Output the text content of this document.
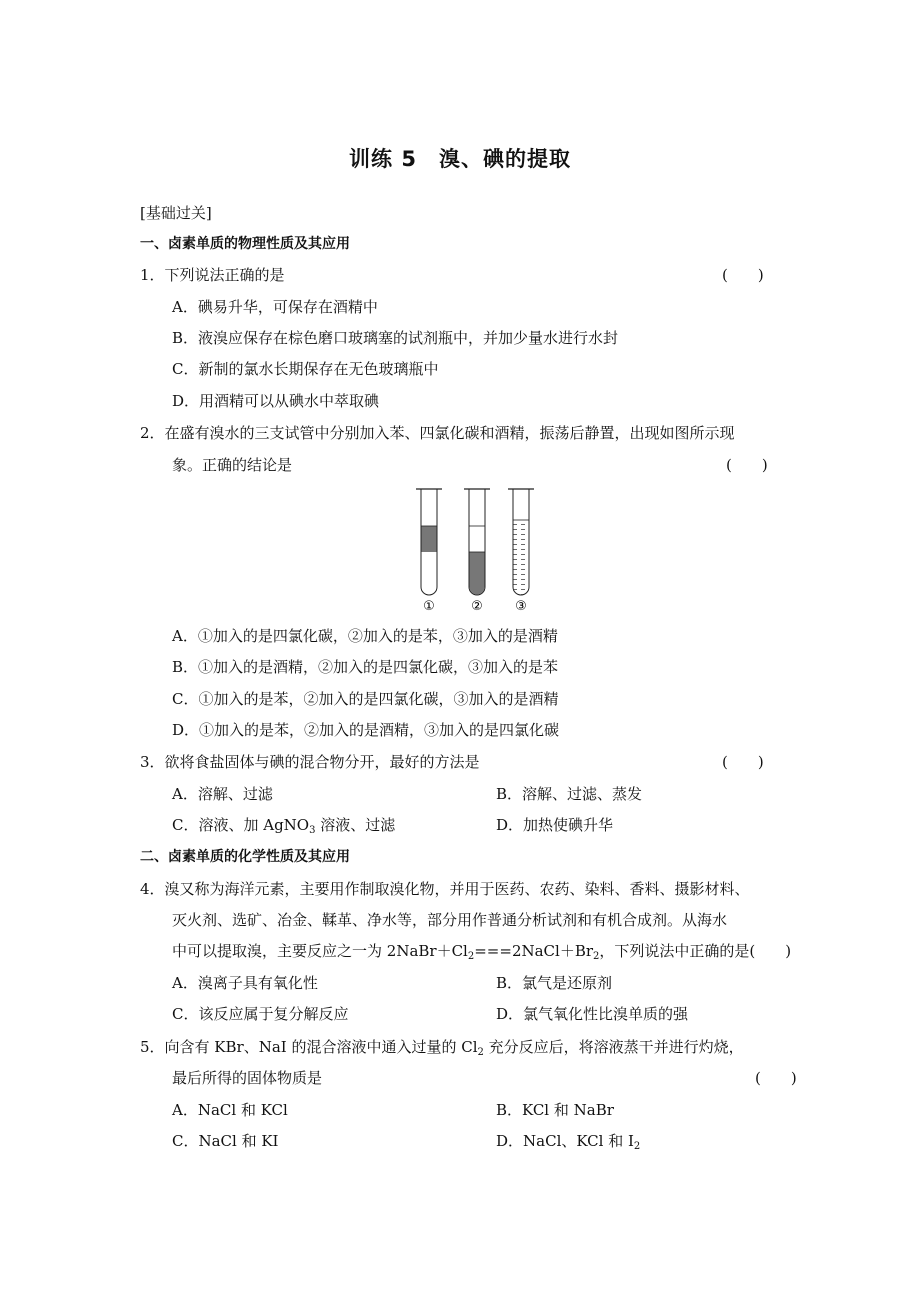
训练 5　溴、碘的提取
[基础过关]
一、卤素单质的物理性质及其应用
1．下列说法正确的是	(　　)
A．碘易升华，可保存在酒精中
B．液溴应保存在棕色磨口玻璃塞的试剂瓶中，并加少量水进行水封
C．新制的氯水长期保存在无色玻璃瓶中
D．用酒精可以从碘水中萃取碘
2．在盛有溴水的三支试管中分别加入苯、四氯化碳和酒精，振荡后静置，出现如图所示现
象。正确的结论是	(　　)
①	② ③
A．①加入的是四氯化碳，②加入的是苯，③加入的是酒精
B．①加入的是酒精，②加入的是四氯化碳，③加入的是苯
C．①加入的是苯，②加入的是四氯化碳，③加入的是酒精
D．①加入的是苯，②加入的是酒精，③加入的是四氯化碳
3．欲将食盐固体与碘的混合物分开，最好的方法是	(　　)
A．溶解、过滤	B．溶解、过滤、蒸发
C．溶液、加 AgNO$_3$ 溶液、过滤	D．加热使碘升华
二、卤素单质的化学性质及其应用
4．溴又称为海洋元素，主要用作制取溴化物，并用于医药、农药、染料、香料、摄影材料、
灭火剂、选矿、冶金、鞣革、净水等，部分用作普通分析试剂和有机合成剂。从海水
中可以提取溴，主要反应之一为 $2NaBr+Cl_2===2NaCl+Br_2$，下列说法中正确的是(　　)
A．溴离子具有氧化性	B．氯气是还原剂
C．该反应属于复分解反应	D．氯气氧化性比溴单质的强
5．向含有 KBr、NaI 的混合溶液中通入过量的 $Cl_2$ 充分反应后，将溶液蒸干并进行灼烧，
最后所得的固体物质是	(　　)
A．NaCl 和 KCl	B．KCl 和 NaBr
C．NaCl 和 KI	D．NaCl、KCl 和 $I_2$
